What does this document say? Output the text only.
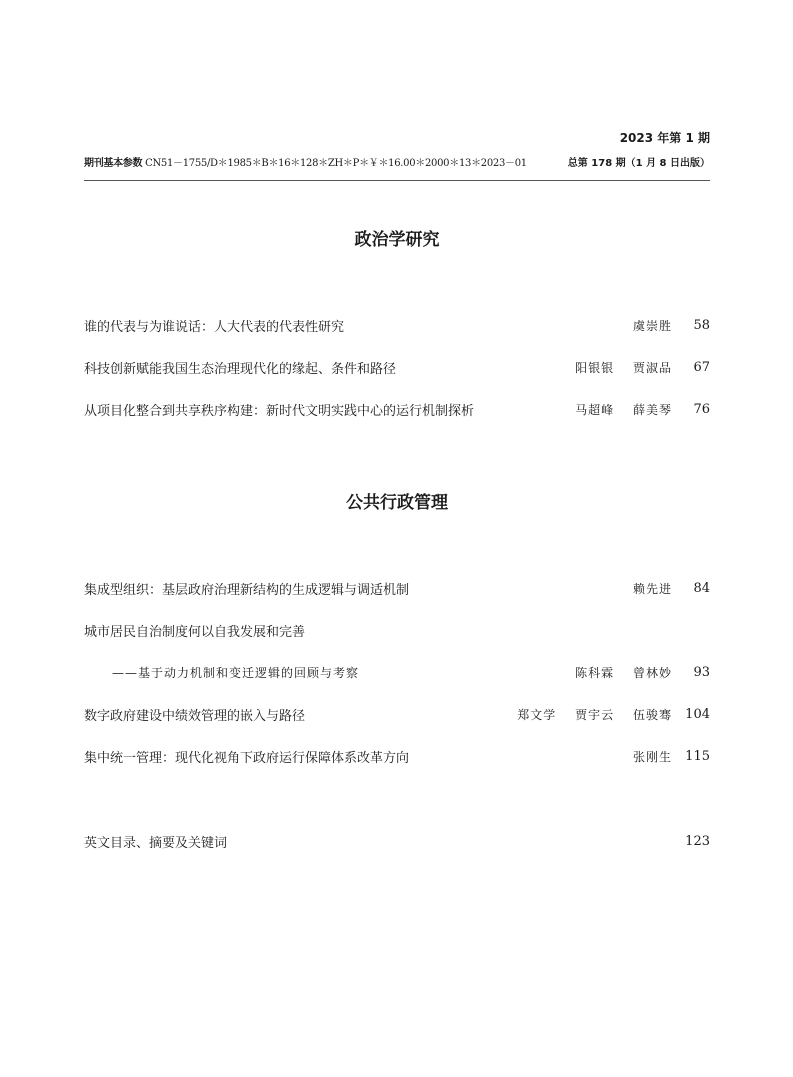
2023 年第 1 期
期刊基本参数 CN51－1755/D＊1985＊B＊16＊128＊ZH＊P＊￥＊16.00＊2000＊13＊2023－01	总第 178 期（1 月 8 日出版）
政治学研究
谁的代表与为谁说话：人大代表的代表性研究	虞崇胜	58
科技创新赋能我国生态治理现代化的缘起、条件和路径	阳银银 贾淑品	67
从项目化整合到共享秩序构建：新时代文明实践中心的运行机制探析	马超峰 薛美琴	76
公共行政管理
集成型组织：基层政府治理新结构的生成逻辑与调适机制	赖先进	84
城市居民自治制度何以自我发展和完善
——基于动力机制和变迁逻辑的回顾与考察	陈科霖 曾林妙	93
数字政府建设中绩效管理的嵌入与路径	郑文学 贾宇云 伍骏骞	104
集中统一管理：现代化视角下政府运行保障体系改革方向	张刚生	115
英文目录、摘要及关键词	123
